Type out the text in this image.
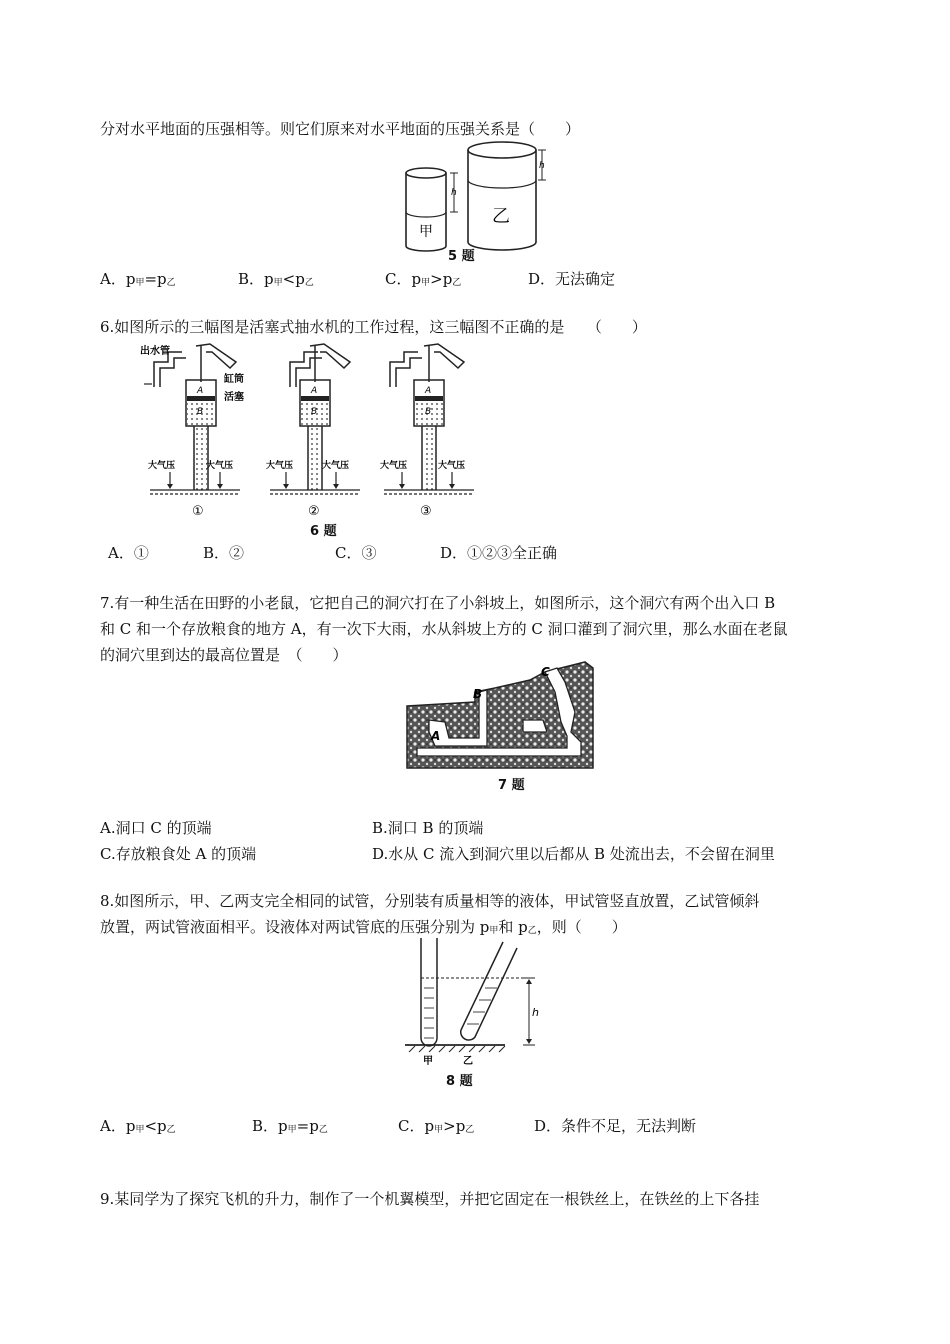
分对水平地面的压强相等。则它们原来对水平地面的压强关系是（　　）
h
h
甲
乙
5 题
A．$p_甲=p_乙$	B．$p_甲<p_乙$	C．$p_甲>p_乙$	D．无法确定
6.如图所示的三幅图是活塞式抽水机的工作过程，这三幅图不正确的是　　（　　）
出水管
缸筒
活塞
A
B
A
B
A
B
大气压	大气压	大气压	大气压	大气压	大气压
①	②	③
6 题
A．①	B．②	C．③	D．①②③全正确
7.有一种生活在田野的小老鼠，它把自己的洞穴打在了小斜坡上，如图所示，这个洞穴有两个出入口 B
和 C 和一个存放粮食的地方 A，有一次下大雨，水从斜坡上方的 C 洞口灌到了洞穴里，那么水面在老鼠
的洞穴里到达的最高位置是　（　　）
A
B
C
7 题
A.洞口 C 的顶端	B.洞口 B 的顶端
C.存放粮食处 A 的顶端	D.水从 C 流入到洞穴里以后都从 B 处流出去，不会留在洞里
8.如图所示，甲、乙两支完全相同的试管，分别装有质量相等的液体，甲试管竖直放置，乙试管倾斜
放置，两试管液面相平。设液体对两试管底的压强分别为 $p_甲$和 $p_乙$，则（　　）
h
甲	乙
8 题
A．$p_甲<p_乙$	B．$p_甲=p_乙$	C．$p_甲>p_乙$	D．条件不足，无法判断
9.某同学为了探究飞机的升力，制作了一个机翼模型，并把它固定在一根铁丝上，在铁丝的上下各挂
